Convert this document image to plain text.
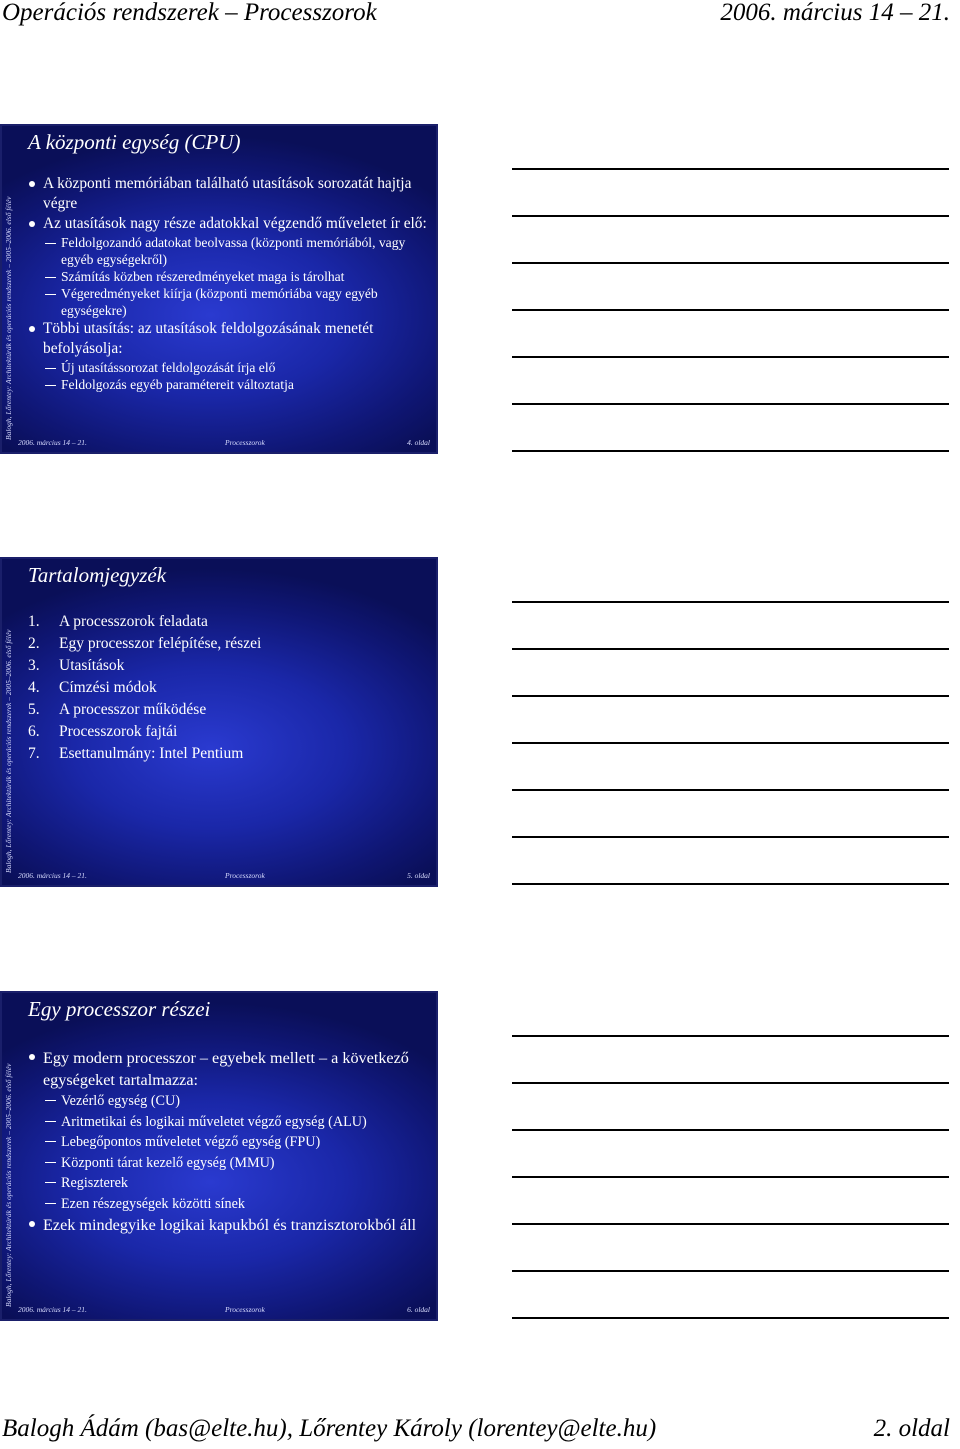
Operációs rendszerek – Processzorok	2006. március 14 – 21.
Balogh, Lőrentey: Architektúrák és operációs rendszerek – 2005–2006. első félév
A központi egység (CPU)
A központi memóriában található utasítások sorozatát hajtja végre
Az utasítások nagy része adatokkal végzendő műveletet ír elő:
Feldolgozandó adatokat beolvassa (központi memóriából, vagy egyéb egységekről)
Számítás közben részeredményeket maga is tárolhat
Végeredményeket kiírja (központi memóriába vagy egyéb egységekre)
Többi utasítás: az utasítások feldolgozásának menetét befolyásolja:
Új utasítássorozat feldolgozását írja elő
Feldolgozás egyéb paramétereit változtatja
2006. március 14 – 21.	Processzorok	4. oldal
Balogh, Lőrentey: Architektúrák és operációs rendszerek – 2005–2006. első félév
Tartalomjegyzék
1.	A processzorok feladata
2.	Egy processzor felépítése, részei
3.	Utasítások
4.	Címzési módok
5.	A processzor működése
6.	Processzorok fajtái
7.	Esettanulmány: Intel Pentium
2006. március 14 – 21.	Processzorok	5. oldal
Balogh, Lőrentey: Architektúrák és operációs rendszerek – 2005–2006. első félév
Egy processzor részei
Egy modern processzor – egyebek mellett – a következő egységeket tartalmazza:
Vezérlő egység (CU)
Aritmetikai és logikai műveletet végző egység (ALU)
Lebegőpontos műveletet végző egység (FPU)
Központi tárat kezelő egység (MMU)
Regiszterek
Ezen részegységek közötti sínek
Ezek mindegyike logikai kapukból és tranzisztorokból áll
2006. március 14 – 21.	Processzorok	6. oldal
Balogh Ádám (bas@elte.hu), Lőrentey Károly (lorentey@elte.hu)	2. oldal
